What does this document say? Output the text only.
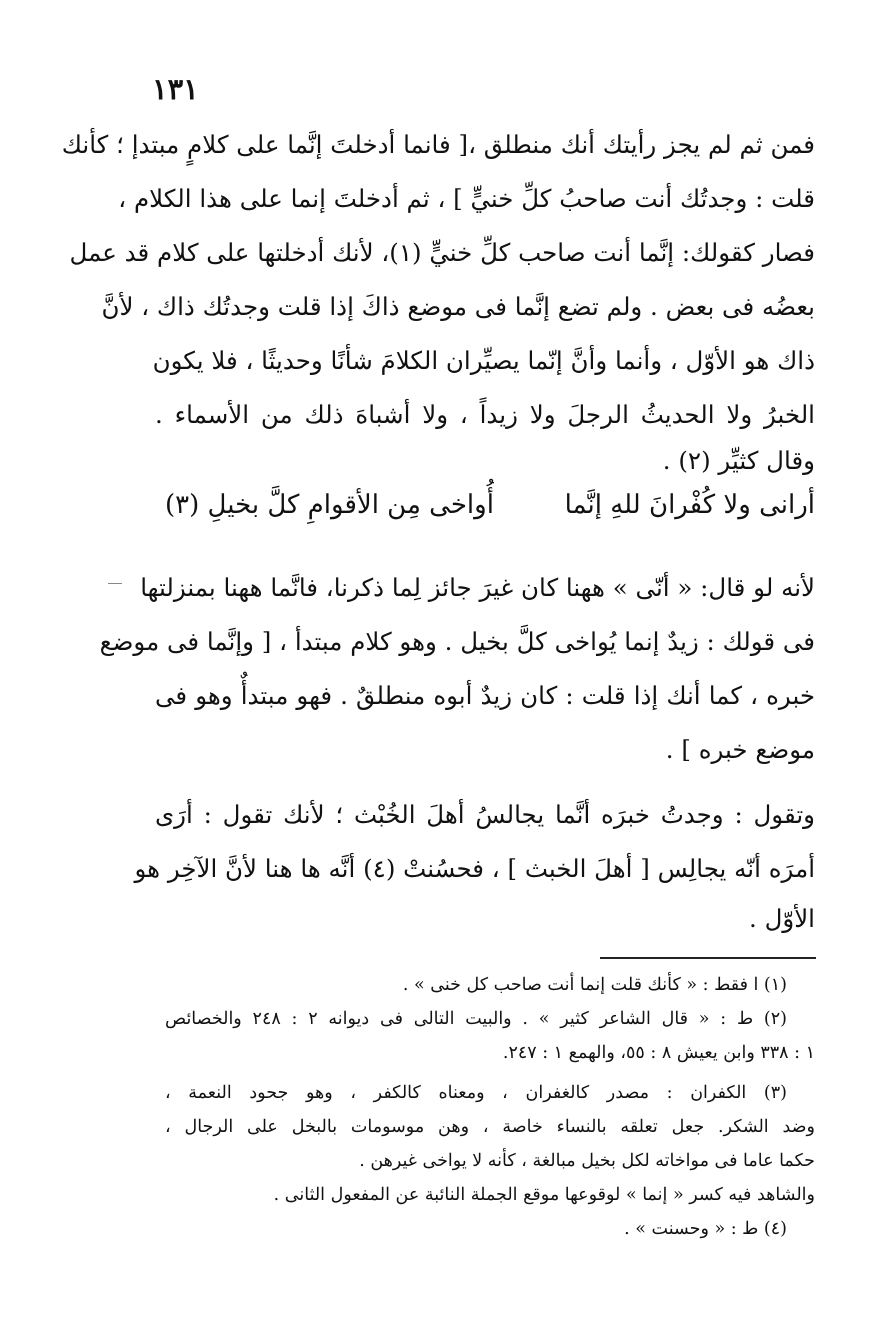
١٣١
فمن ثم لم يجز رأيتك أنك منطلق ،[ فانما أدخلتَ إنَّما على كلامٍ مبتدإ ؛ كأنك
قلت : وجدتُك أنت صاحبُ كلِّ خنيٍّ ] ، ثم أدخلتَ إنما على هذا الكلام ،
فصار كقولك: إنَّما أنت صاحب كلِّ خنيٍّ (١)، لأنك أدخلتها على كلام قد عمل
بعضُه فى بعض . ولم تضع إنَّما فى موضع ذاكَ إذا قلت وجدتُك ذاك ، لأنَّ
ذاك هو الأوّل ، وأنما وأنَّ إنّما يصيِّران الكلامَ شأنًا وحديثًا ، فلا يكون
الخبرُ ولا الحديثُ الرجلَ ولا زيداً ، ولا أشباهَ ذلك من الأسماء .
وقال كثيِّر (٢) .
أرانى ولا كُفْرانَ للهِ إنَّما
أُواخى مِن الأقوامِ كلَّ بخيلِ (٣)
لأنه لو قال: « أنّى » ههنا كان غيرَ جائز لِما ذكرنا، فانَّما ههنا بمنزلتها
فى قولك : زيدٌ إنما يُواخى كلَّ بخيل . وهو كلام مبتدأ ، [ وإنَّما فى موضع
خبره ، كما أنك إذا قلت : كان زيدٌ أبوه منطلقٌ . فهو مبتدأٌ وهو فى
موضع خبره ] .
وتقول : وجدتُ خبرَه أنَّما يجالسُ أهلَ الخُبْث ؛ لأنك تقول : أرَى
أمرَه أنّه يجالِس [ أهلَ الخبث ] ، فحسُنتْ (٤) أنَّه ها هنا لأنَّ الآخِر هو
الأوّل .
(١) ا فقط : « كأنك قلت إنما أنت صاحب كل خنى » .
(٢) ط : « قال الشاعر كثير » . والبيت التالى فى ديوانه ٢ : ٢٤٨ والخصائص
١ : ٣٣٨ وابن يعيش ٨ : ٥٥، والهمع ١ : ٢٤٧.
(٣) الكفران : مصدر كالغفران ، ومعناه كالكفر ، وهو جحود النعمة ،
وضد الشكر. جعل تعلقه بالنساء خاصة ، وهن موسومات بالبخل على الرجال ،
حكما عاما فى مواخاته لكل بخيل مبالغة ، كأنه لا يواخى غيرهن .
والشاهد فيه كسر « إنما » لوقوعها موقع الجملة النائبة عن المفعول الثانى .
(٤) ط : « وحسنت » .
